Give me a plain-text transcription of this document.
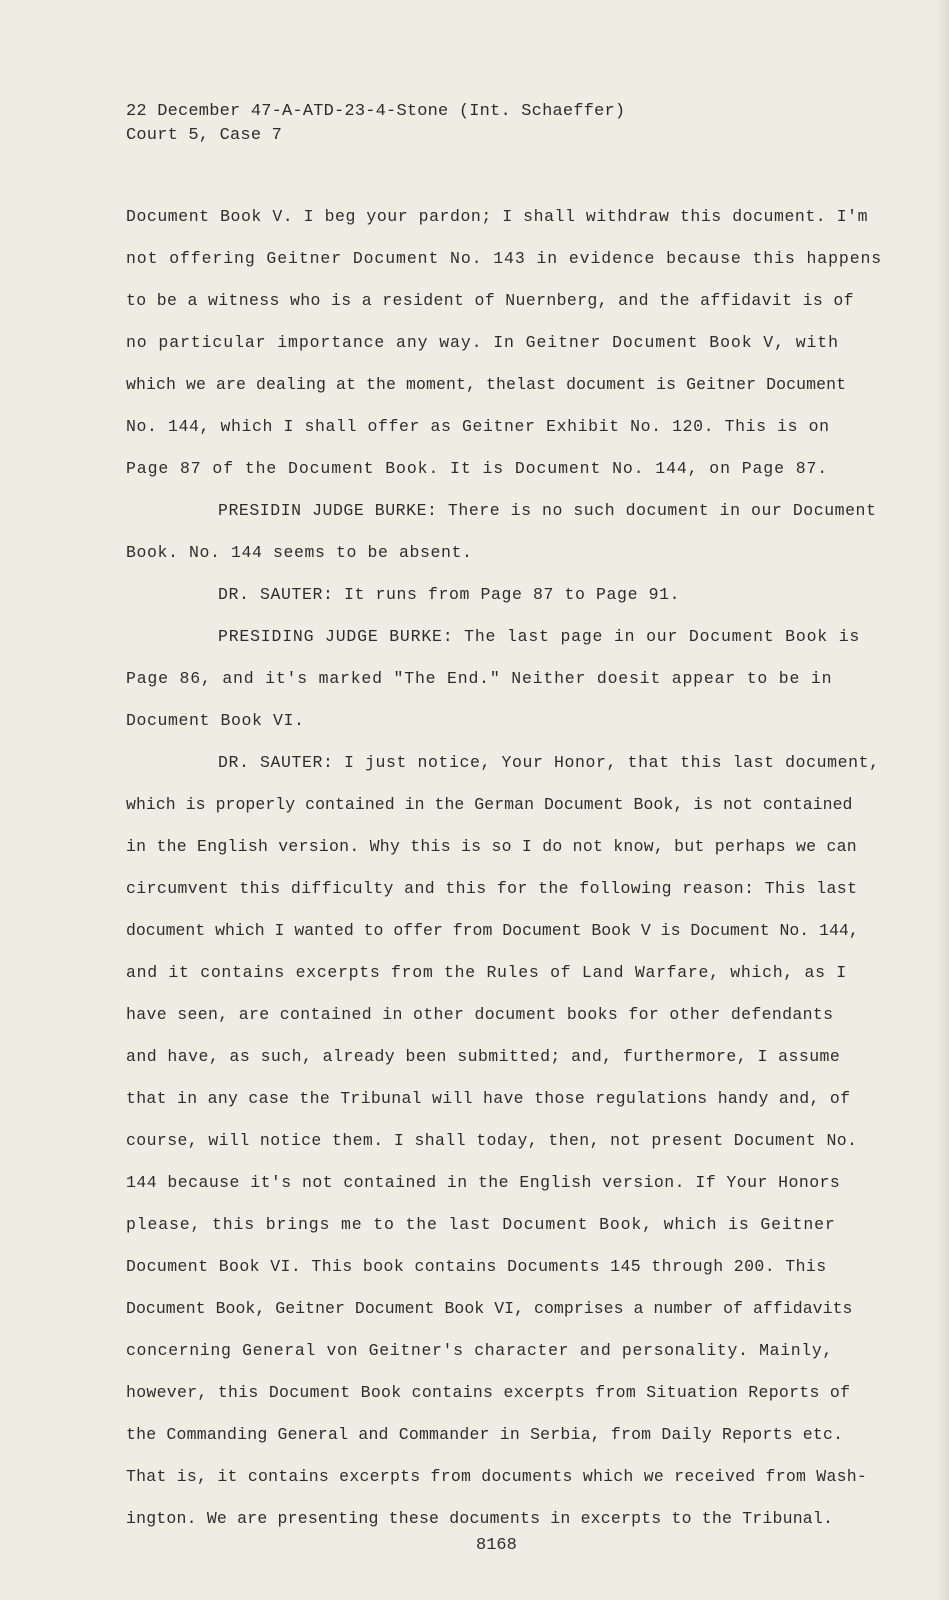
22 December 47-A-ATD-23-4-Stone (Int. Schaeffer)
Court 5, Case 7
Document Book V. I beg your pardon; I shall withdraw this document. I'm
not offering Geitner Document No. 143 in evidence because this happens
to be a witness who is a resident of Nuernberg, and the affidavit is of
no particular importance any way. In Geitner Document Book V, with
which we are dealing at the moment, thelast document is Geitner Document
No. 144, which I shall offer as Geitner Exhibit No. 120. This is on
Page 87 of the Document Book. It is Document No. 144, on Page 87.
PRESIDIN JUDGE BURKE: There is no such document in our Document
Book. No. 144 seems to be absent.
DR. SAUTER: It runs from Page 87 to Page 91.
PRESIDING JUDGE BURKE: The last page in our Document Book is
Page 86, and it's marked "The End." Neither doesit appear to be in
Document Book VI.
DR. SAUTER: I just notice, Your Honor, that this last document,
which is properly contained in the German Document Book, is not contained
in the English version. Why this is so I do not know, but perhaps we can
circumvent this difficulty and this for the following reason: This last
document which I wanted to offer from Document Book V is Document No. 144,
and it contains excerpts from the Rules of Land Warfare, which, as I
have seen, are contained in other document books for other defendants
and have, as such, already been submitted; and, furthermore, I assume
that in any case the Tribunal will have those regulations handy and, of
course, will notice them. I shall today, then, not present Document No.
144 because it's not contained in the English version. If Your Honors
please, this brings me to the last Document Book, which is Geitner
Document Book VI. This book contains Documents 145 through 200. This
Document Book, Geitner Document Book VI, comprises a number of affidavits
concerning General von Geitner's character and personality. Mainly,
however, this Document Book contains excerpts from Situation Reports of
the Commanding General and Commander in Serbia, from Daily Reports etc.
That is, it contains excerpts from documents which we received from Wash-
ington. We are presenting these documents in excerpts to the Tribunal.
8168
